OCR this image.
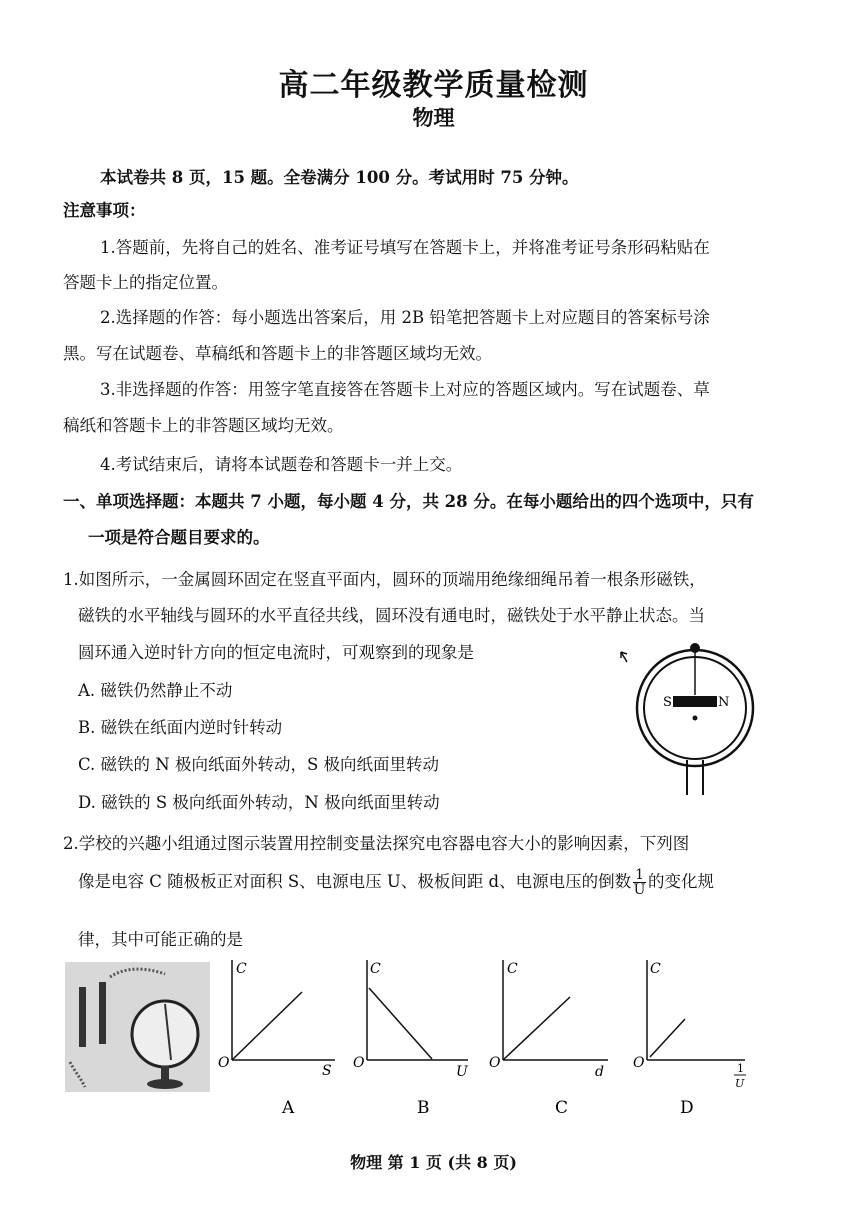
高二年级教学质量检测
物理
本试卷共 8 页，15 题。全卷满分 100 分。考试用时 75 分钟。
注意事项：
1.答题前，先将自己的姓名、准考证号填写在答题卡上，并将准考证号条形码粘贴在
答题卡上的指定位置。
2.选择题的作答：每小题选出答案后，用 2B 铅笔把答题卡上对应题目的答案标号涂
黑。写在试题卷、草稿纸和答题卡上的非答题区域均无效。
3.非选择题的作答：用签字笔直接答在答题卡上对应的答题区域内。写在试题卷、草
稿纸和答题卡上的非答题区域均无效。
4.考试结束后，请将本试题卷和答题卡一并上交。
一、单项选择题：本题共 7 小题，每小题 4 分，共 28 分。在每小题给出的四个选项中，只有
一项是符合题目要求的。
1.如图所示，一金属圆环固定在竖直平面内，圆环的顶端用绝缘细绳吊着一根条形磁铁，
磁铁的水平轴线与圆环的水平直径共线，圆环没有通电时，磁铁处于水平静止状态。当
圆环通入逆时针方向的恒定电流时，可观察到的现象是
A. 磁铁仍然静止不动
B. 磁铁在纸面内逆时针转动
C. 磁铁的 N 极向纸面外转动，S 极向纸面里转动
D. 磁铁的 S 极向纸面外转动，N 极向纸面里转动
S	N
2.学校的兴趣小组通过图示装置用控制变量法探究电容器电容大小的影响因素，下列图
像是电容 C 随极板正对面积 S、电源电压 U、极板间距 d、电源电压的倒数 $\frac{1}{U}$ 的变化规
律，其中可能正确的是
C
O	S
A
C
O
U
B
C
O
d
C
C
O	1
U
D
物理 第 1 页 (共 8 页)
